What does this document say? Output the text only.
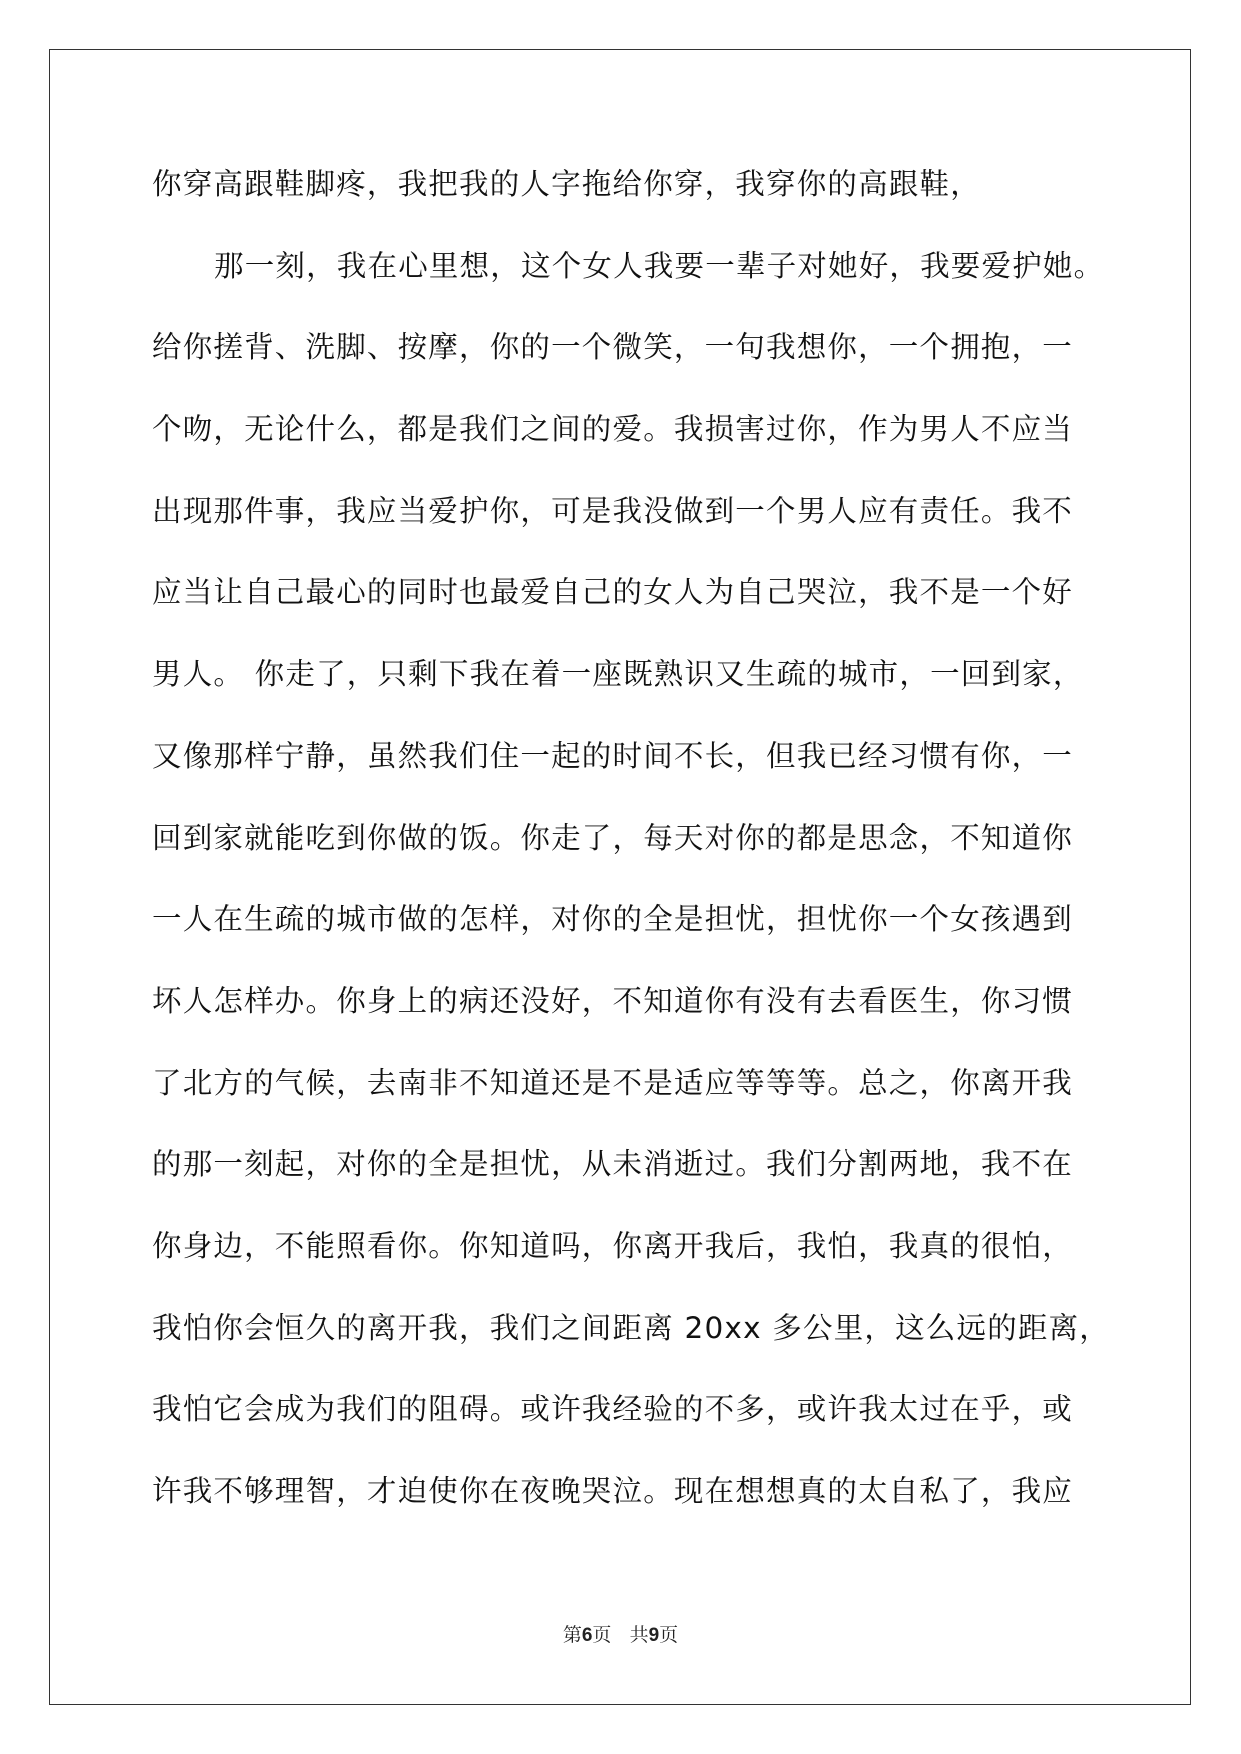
你穿高跟鞋脚疼，我把我的人字拖给你穿，我穿你的高跟鞋，
那一刻，我在心里想，这个女人我要一辈子对她好，我要爱护她。
给你搓背、洗脚、按摩，你的一个微笑，一句我想你，一个拥抱，一
个吻，无论什么，都是我们之间的爱。我损害过你，作为男人不应当
出现那件事，我应当爱护你，可是我没做到一个男人应有责任。我不
应当让自己最心的同时也最爱自己的女人为自己哭泣，我不是一个好
男人。 你走了，只剩下我在着一座既熟识又生疏的城市，一回到家，
又像那样宁静，虽然我们住一起的时间不长，但我已经习惯有你，一
回到家就能吃到你做的饭。你走了，每天对你的都是思念，不知道你
一人在生疏的城市做的怎样，对你的全是担忧，担忧你一个女孩遇到
坏人怎样办。你身上的病还没好，不知道你有没有去看医生，你习惯
了北方的气候，去南非不知道还是不是适应等等等。总之，你离开我
的那一刻起，对你的全是担忧，从未消逝过。我们分割两地，我不在
你身边，不能照看你。你知道吗，你离开我后，我怕，我真的很怕，
我怕你会恒久的离开我，我们之间距离 20xx 多公里，这么远的距离，
我怕它会成为我们的阻碍。或许我经验的不多，或许我太过在乎，或
许我不够理智，才迫使你在夜晚哭泣。现在想想真的太自私了，我应
第6页 共9页
